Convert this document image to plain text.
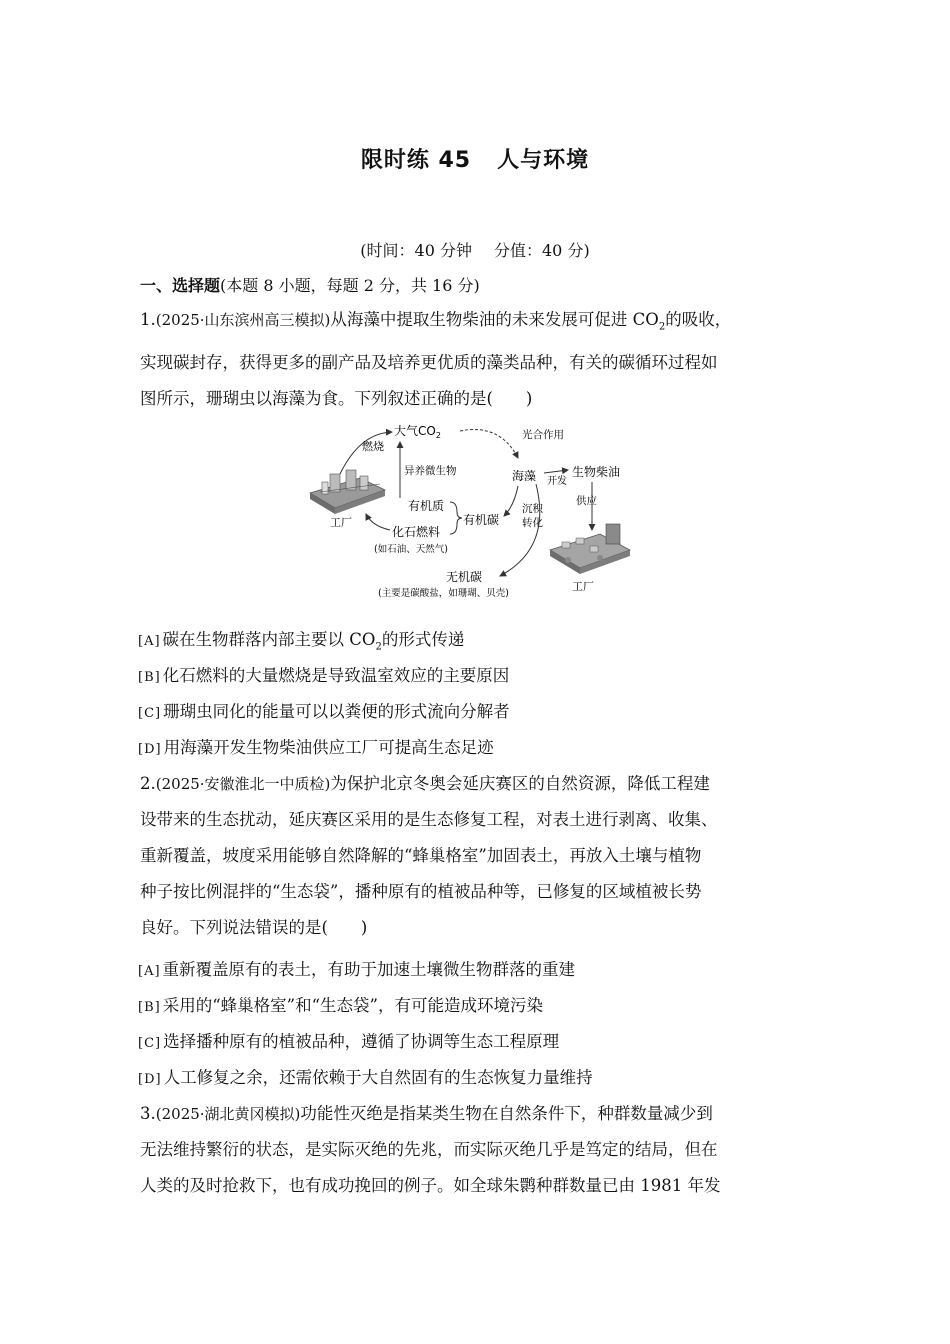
限时练 45 人与环境
(时间：40 分钟 分值：40 分)
一、选择题(本题 8 小题，每题 2 分，共 16 分)
1.(2025·山东滨州高三模拟)从海藻中提取生物柴油的未来发展可促进 $CO_2$的吸收，
实现碳封存，获得更多的副产品及培养更优质的藻类品种，有关的碳循环过程如
图所示，珊瑚虫以海藻为食。下列叙述正确的是(　　)
工厂
燃烧
大气$CO_2$	光合作用
异养微生物	海藻 开发
生物柴油
供应
有机质
化石燃料
(如石油、天然气)
有机碳
沉积
转化
无机碳
(主要是碳酸盐，如珊瑚、贝壳)
工厂
[A] 碳在生物群落内部主要以 $CO_2$的形式传递
[B] 化石燃料的大量燃烧是导致温室效应的主要原因
[C] 珊瑚虫同化的能量可以以粪便的形式流向分解者
[D] 用海藻开发生物柴油供应工厂可提高生态足迹
2.(2025·安徽淮北一中质检)为保护北京冬奥会延庆赛区的自然资源，降低工程建
设带来的生态扰动，延庆赛区采用的是生态修复工程，对表土进行剥离、收集、
重新覆盖，坡度采用能够自然降解的“蜂巢格室”加固表土，再放入土壤与植物
种子按比例混拌的“生态袋”，播种原有的植被品种等，已修复的区域植被长势
良好。下列说法错误的是(　　)
[A] 重新覆盖原有的表土，有助于加速土壤微生物群落的重建
[B] 采用的“蜂巢格室”和“生态袋”，有可能造成环境污染
[C] 选择播种原有的植被品种，遵循了协调等生态工程原理
[D] 人工修复之余，还需依赖于大自然固有的生态恢复力量维持
3.(2025·湖北黄冈模拟)功能性灭绝是指某类生物在自然条件下，种群数量减少到
无法维持繁衍的状态，是实际灭绝的先兆，而实际灭绝几乎是笃定的结局，但在
人类的及时抢救下，也有成功挽回的例子。如全球朱鹮种群数量已由 1981 年发
